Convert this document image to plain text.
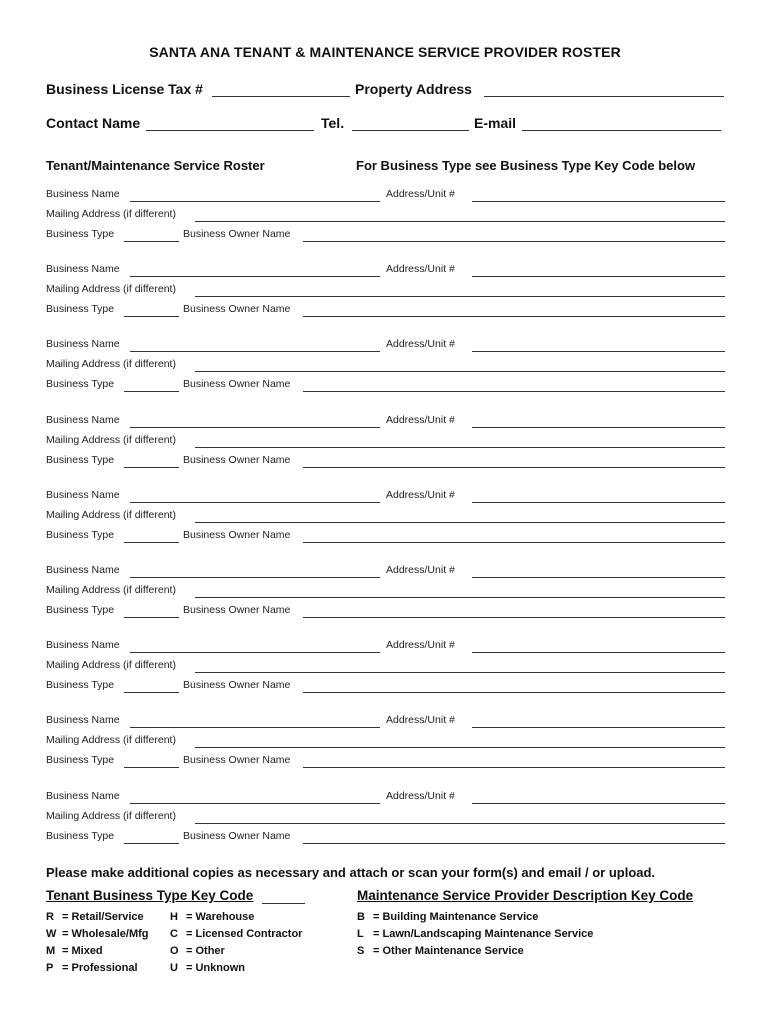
SANTA ANA TENANT & MAINTENANCE SERVICE PROVIDER ROSTER
Business License Tax #	Property Address
Contact Name	Tel.	E-mail
Tenant/Maintenance Service Roster	For Business Type see Business Type Key Code below
Business Name	Address/Unit #
Mailing Address (if different)
Business Type	Business Owner Name
Business Name	Address/Unit #
Mailing Address (if different)
Business Type	Business Owner Name
Business Name	Address/Unit #
Mailing Address (if different)
Business Type	Business Owner Name
Business Name	Address/Unit #
Mailing Address (if different)
Business Type	Business Owner Name
Business Name	Address/Unit #
Mailing Address (if different)
Business Type	Business Owner Name
Business Name	Address/Unit #
Mailing Address (if different)
Business Type	Business Owner Name
Business Name	Address/Unit #
Mailing Address (if different)
Business Type	Business Owner Name
Business Name	Address/Unit #
Mailing Address (if different)
Business Type	Business Owner Name
Business Name	Address/Unit #
Mailing Address (if different)
Business Type	Business Owner Name
Please make additional copies as necessary and attach or scan your form(s) and email / or upload.
Tenant Business Type Key Code
R = Retail/Service
W = Wholesale/Mfg
M = Mixed
P = Professional
H = Warehouse
C = Licensed Contractor
O = Other
U = Unknown
Maintenance Service Provider Description Key Code
B = Building Maintenance Service
L = Lawn/Landscaping Maintenance Service
S = Other Maintenance Service
